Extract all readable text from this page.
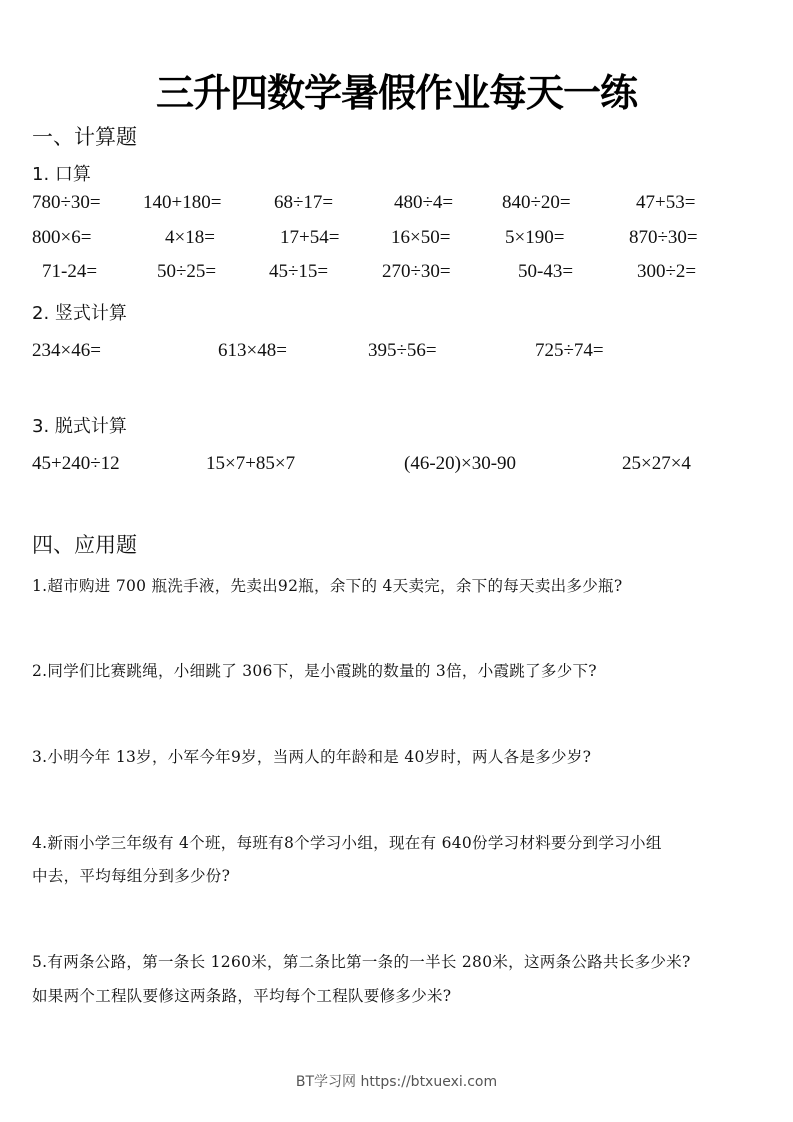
三升四数学暑假作业每天一练
一、计算题
1. 口算
780÷30= 140+180=	68÷17=	480÷4=	840÷20=	47+53=
800×6=	4×18=	17+54=	16×50=	5×190=	870÷30=
71-24=	50÷25=	45÷15=	270÷30=	50-43=	300÷2=
2. 竖式计算
234×46=	613×48=	395÷56=	725÷74=
3. 脱式计算
45+240÷12	15×7+85×7	(46-20)×30-90	25×27×4
四、应用题
1.超市购进 700 瓶洗手液，先卖出92瓶，余下的 4天卖完，余下的每天卖出多少瓶?
2.同学们比赛跳绳，小细跳了 306下，是小霞跳的数量的 3倍，小霞跳了多少下?
3.小明今年 13岁，小军今年9岁，当两人的年龄和是 40岁时，两人各是多少岁?
4.新雨小学三年级有 4个班，每班有8个学习小组，现在有 640份学习材料要分到学习小组
中去，平均每组分到多少份?
5.有两条公路，第一条长 1260米，第二条比第一条的一半长 280米，这两条公路共长多少米?
如果两个工程队要修这两条路，平均每个工程队要修多少米?
BT学习网 https://btxuexi.com
